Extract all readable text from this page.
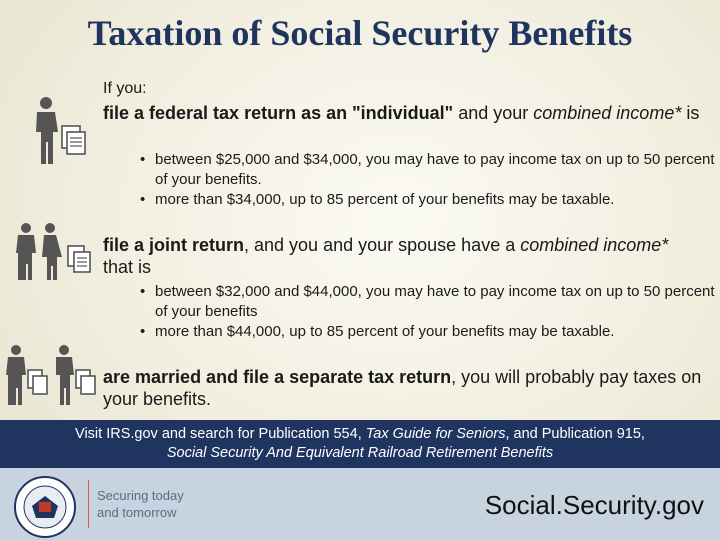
Taxation of Social Security Benefits
If you:
file a federal tax return as an "individual" and your combined income* is
• between $25,000 and $34,000, you may have to pay income tax on up to 50 percent of your benefits.
• more than $34,000, up to 85 percent of your benefits may be taxable.
file a joint return, and you and your spouse have a combined income* that is
• between $32,000 and $44,000, you may have to pay income tax on up to 50 percent of your benefits
• more than $44,000, up to 85 percent of your benefits may be taxable.
are married and file a separate tax return, you will probably pay taxes on your benefits.
Visit IRS.gov and search for Publication 554, Tax Guide for Seniors, and Publication 915,
Social Security And Equivalent Railroad Retirement Benefits
Securing today
and tomorrow	Social.Security.gov
